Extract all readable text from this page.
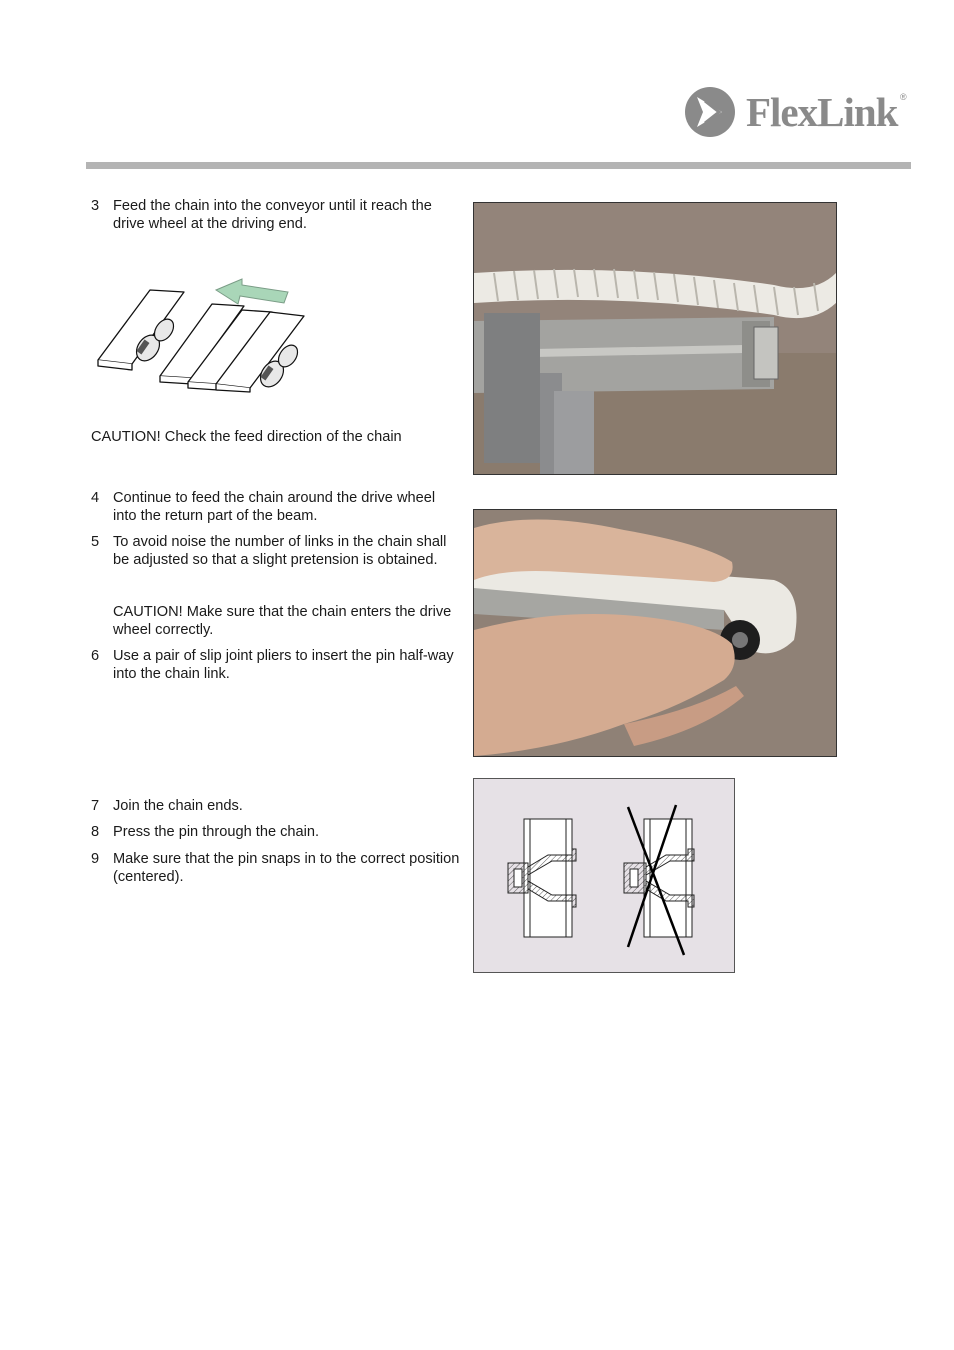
FlexLink ®
3 Feed the chain into the conveyor until it reach the drive wheel at the driving end.
CAUTION! Check the feed direction of the chain
4 Continue to feed the chain around the drive wheel into the return part of the beam.
5 To avoid noise the number of links in the chain shall be adjusted so that a slight pretension is obtained.
CAUTION! Make sure that the chain enters the drive wheel correctly.
6 Use a pair of slip joint pliers to insert the pin half-way into the chain link.
7 Join the chain ends.
8 Press the pin through the chain.
9 Make sure that the pin snaps in to the correct position (centered).
